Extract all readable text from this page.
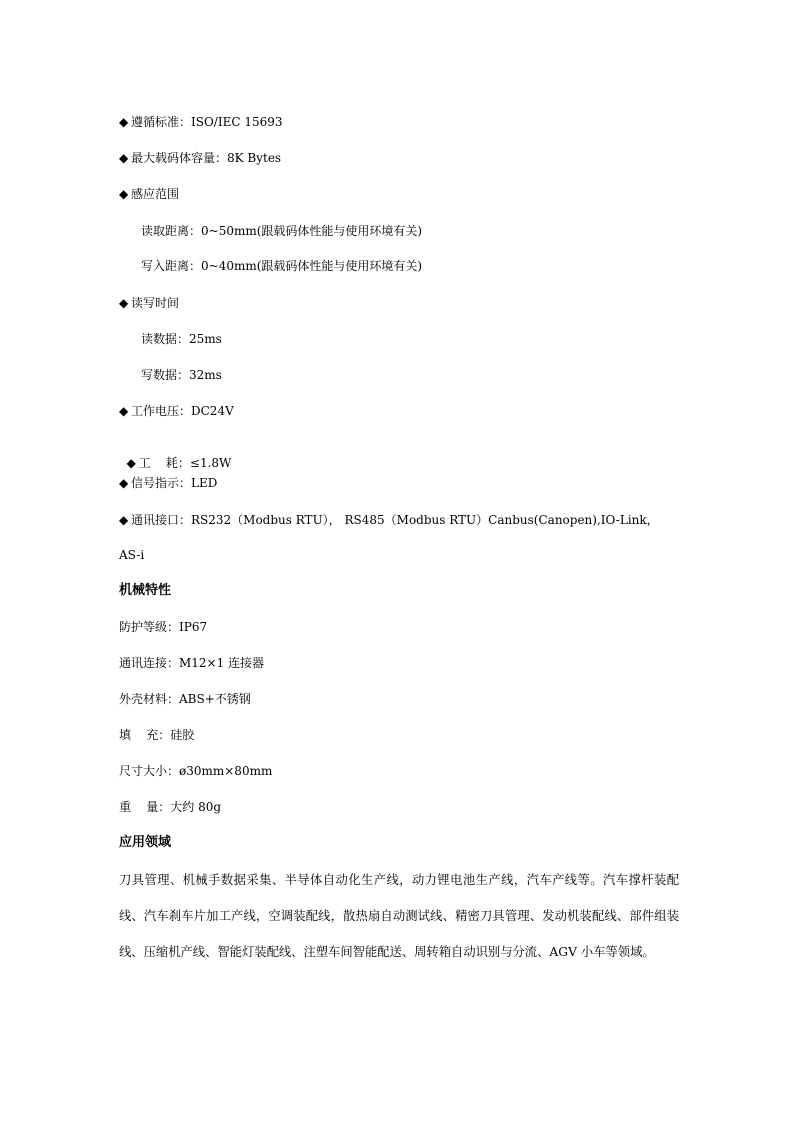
◆ 遵循标准：ISO/IEC 15693
◆ 最大载码体容量：8K Bytes
◆ 感应范围
读取距离：0~50mm(跟载码体性能与使用环境有关)
写入距离：0~40mm(跟载码体性能与使用环境有关)
◆ 读写时间
读数据：25ms
写数据：32ms
◆ 工作电压：DC24V

◆ 工    耗：≤1.8W

◆ 信号指示：LED
◆ 通讯接口：RS232（Modbus RTU）， RS485（Modbus RTU）Canbus(Canopen),IO-Link，
AS-i
机械特性
防护等级：IP67
通讯连接：M12×1 连接器
外壳材料：ABS+不锈钢
填    充：硅胶
尺寸大小：ø30mm×80mm
重    量：大约 80g
应用领域
刀具管理、机械手数据采集、半导体自动化生产线，动力锂电池生产线，汽车产线等。汽车撑杆装配线、汽车刹车片加工产线，空调装配线，散热扇自动测试线、精密刀具管理、发动机装配线、部件组装线、压缩机产线、智能灯装配线、注塑车间智能配送、周转箱自动识别与分流、AGV 小车等领域。
